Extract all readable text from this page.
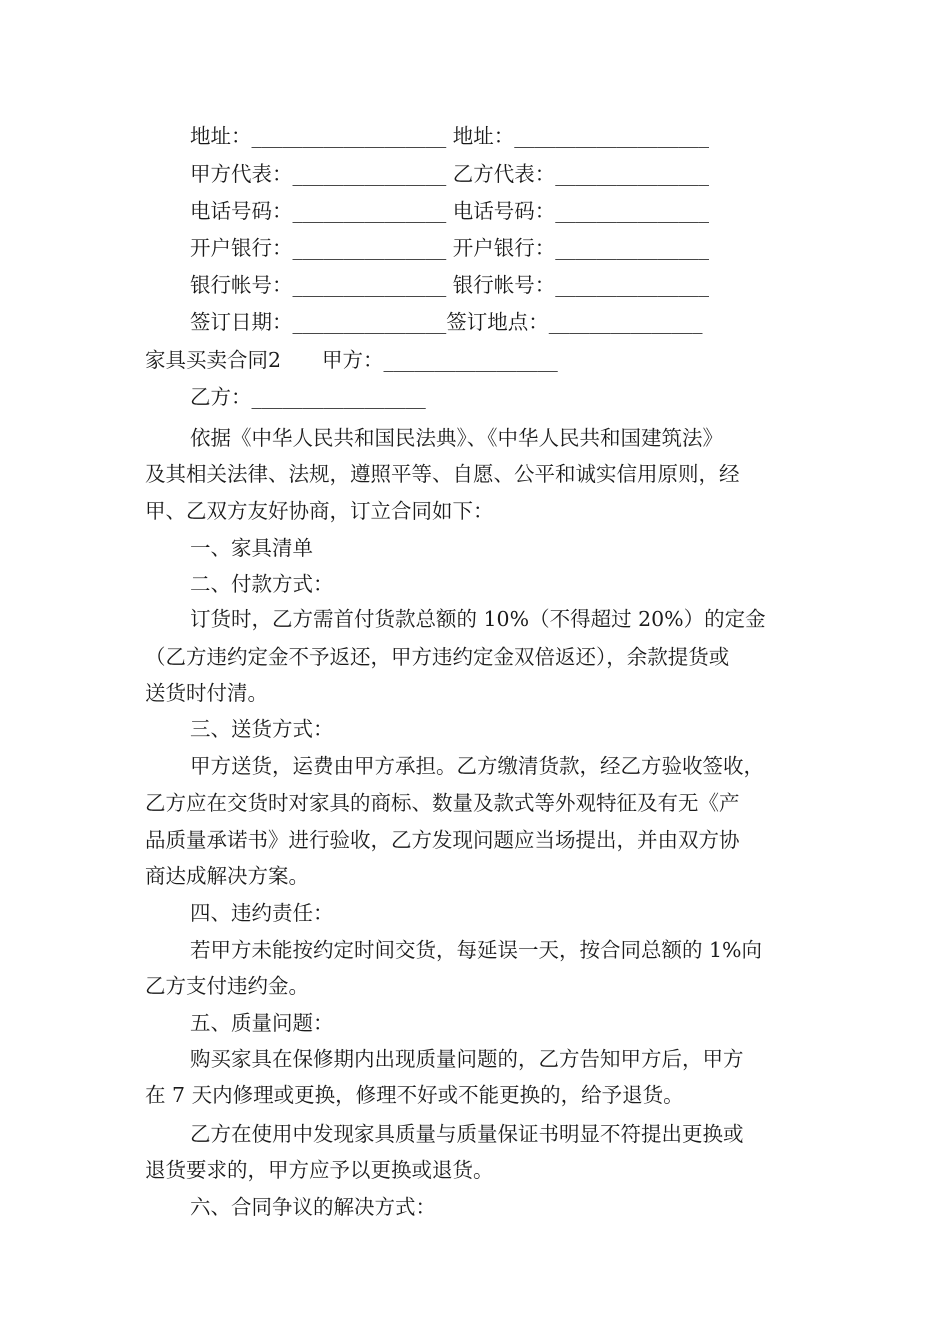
地址：___________________ 地址：___________________
甲方代表：_______________ 乙方代表：_______________
电话号码：_______________ 电话号码：_______________
开户银行：_______________ 开户银行：_______________
银行帐号：_______________ 银行帐号：_______________
签订日期：_______________签订地点：_______________
家具买卖合同2　　甲方：_________________
乙方：_________________
依据《中华人民共和国民法典》、《中华人民共和国建筑法》
及其相关法律、法规，遵照平等、自愿、公平和诚实信用原则，经
甲、乙双方友好协商，订立合同如下：
一、家具清单
二、付款方式：
订货时，乙方需首付货款总额的 10%（不得超过 20%）的定金
（乙方违约定金不予返还，甲方违约定金双倍返还），余款提货或
送货时付清。
三、送货方式：
甲方送货，运费由甲方承担。乙方缴清货款，经乙方验收签收，
乙方应在交货时对家具的商标、数量及款式等外观特征及有无《产
品质量承诺书》进行验收，乙方发现问题应当场提出，并由双方协
商达成解决方案。
四、违约责任：
若甲方未能按约定时间交货，每延误一天，按合同总额的 1%向
乙方支付违约金。
五、质量问题：
购买家具在保修期内出现质量问题的，乙方告知甲方后，甲方
在 7 天内修理或更换，修理不好或不能更换的，给予退货。
乙方在使用中发现家具质量与质量保证书明显不符提出更换或
退货要求的，甲方应予以更换或退货。
六、合同争议的解决方式：
